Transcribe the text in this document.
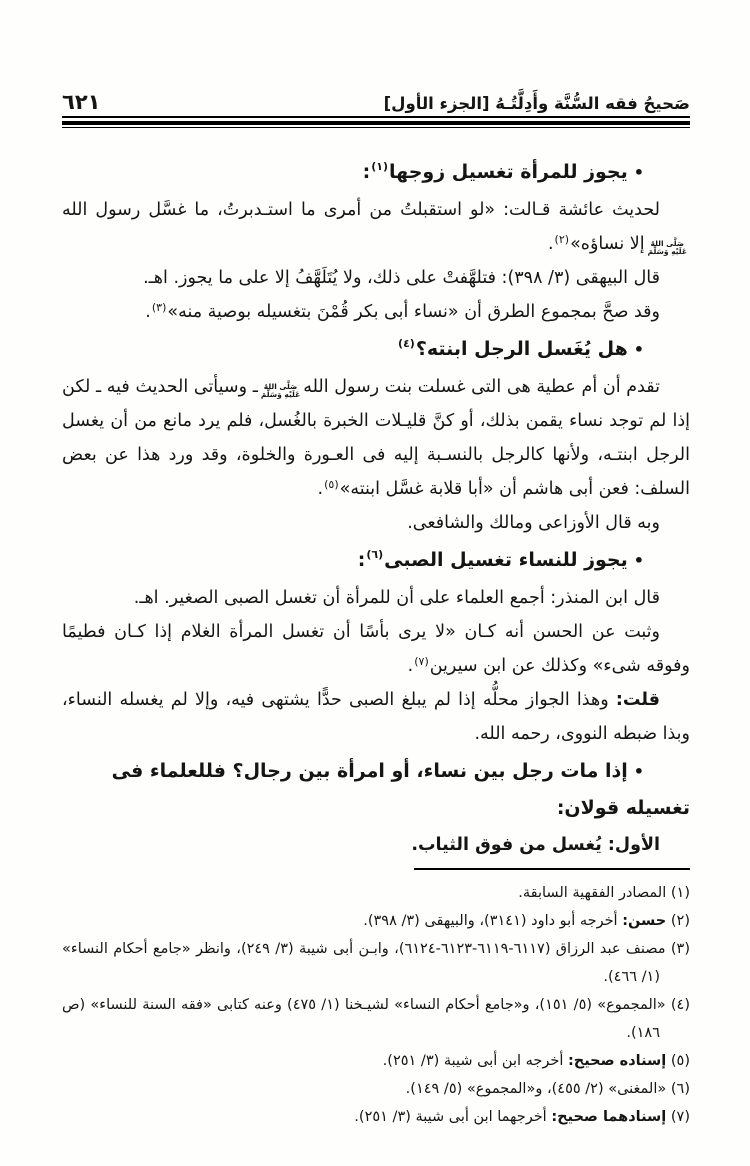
صَحيحُ فقه السُّنَّة وأَدِلَّتُـهُ [الجزء الأول]
٦٢١
•يجوز للمرأة تغسيل زوجها$^{(١)}$:

لحديث عائشة قـالت: «لو استقبلتُ من أمرى ما استـدبرتُ، ما غسَّل رسول الله
صَلَّى اللهُ
عَلَيْهِ وَسَلَّمَ
إلا نساؤه»$^{(٢)}$.

قال البيهقى (٣/ ٣٩٨): فتلهَّفتْ على ذلك، ولا يُتَلَهَّفُ إلا على ما يجوز. اهـ.

وقد صحَّ بمجموع الطرق أن «نساء أبى بكر قُمْنَ بتغسيله بوصية منه»$^{(٣)}$.

•هل يُغَسل الرجل ابنته؟$^{(٤)}$

تقدم أن أم عطية هى التى غسلت بنت رسول الله
صَلَّى اللهُ
عَلَيْهِ وَسَلَّمَ
ـ وسيأتى الحديث فيه ـ لكن إذا لم توجد نساء يقمن بذلك، أو كنَّ قليـلات الخبرة بالغُسل، فلم يرد مانع من أن يغسل الرجل ابنتـه، ولأنها كالرجل بالنسـبة إليه فى العـورة والخلوة، وقد ورد هذا عن بعض السلف: فعن أبى هاشم أن «أبا قلابة غسَّل ابنته»$^{(٥)}$.

وبه قال الأوزاعى ومالك والشافعى.

•يجوز للنساء تغسيل الصبى$^{(٦)}$:

قال ابن المنذر: أجمع العلماء على أن للمرأة أن تغسل الصبى الصغير. اهـ.

وثبت عن الحسن أنه كـان «لا يرى بأسًا أن تغسل المرأة الغلام إذا كـان فطيمًا وفوقه شىء» وكذلك عن ابن سيرين$^{(٧)}$.

قلت: وهذا الجواز محلُّه إذا لم يبلغ الصبى حدًّا يشتهى فيه، وإلا لم يغسله النساء، وبذا ضبطه النووى، رحمه الله.

•إذا مات رجل بين نساء، أو امرأة بين رجال؟ فللعلماء فى تغسيله قولان:

الأول: يُغسل من فوق الثياب.

(١) المصادر الفقهية السابقة.
(٢) حسن: أخرجه أبو داود (٣١٤١)، والبيهقى (٣/ ٣٩٨).
(٣) مصنف عبد الرزاق (٦١١٧-٦١١٩-٦١٢٣-٦١٢٤)، وابـن أبى شيبة (٣/ ٢٤٩)، وانظر «جامع أحكام النساء» (١/ ٤٦٦).
(٤) «المجموع» (٥/ ١٥١)، و«جامع أحكام النساء» لشيـخنا (١/ ٤٧٥) وعنه كتابى «فقه السنة للنساء» (ص ١٨٦).
(٥) إسناده صحيح: أخرجه ابن أبى شيبة (٣/ ٢٥١).
(٦) «المغنى» (٢/ ٤٥٥)، و«المجموع» (٥/ ١٤٩).
(٧) إسنادهما صحيح: أخرجهما ابن أبى شيبة (٣/ ٢٥١).
